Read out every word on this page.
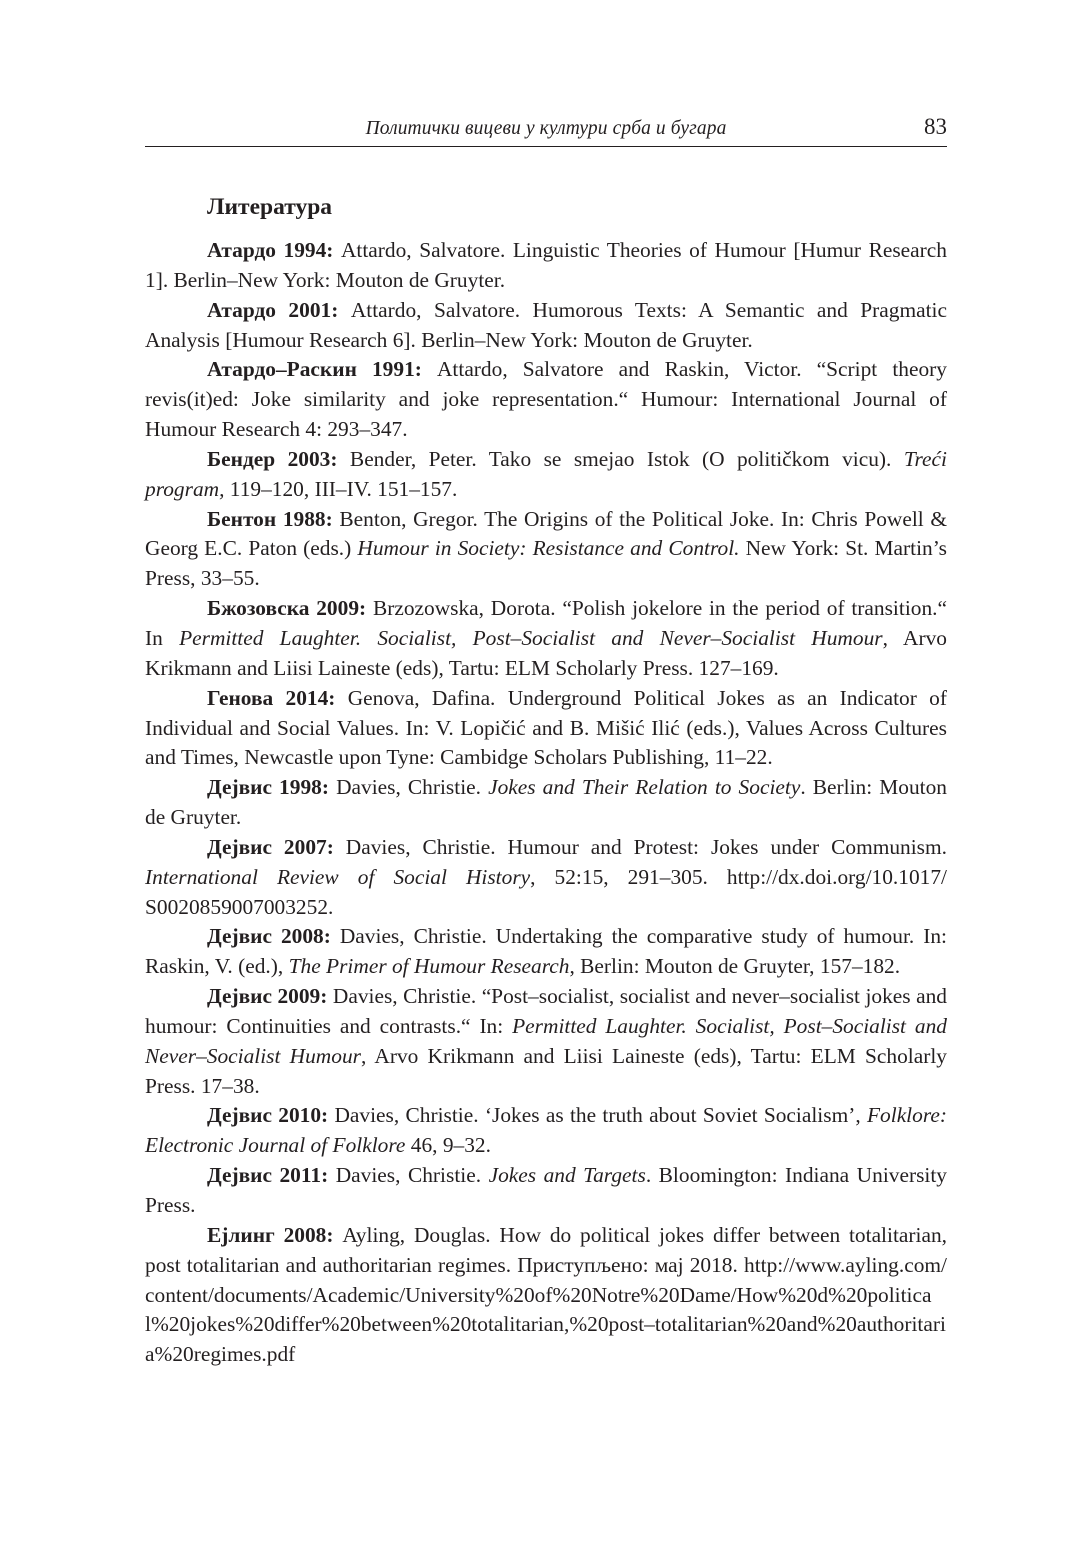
Политички вицеви у култури срба и бугара	83
Литература
Атардо 1994: Attardo, Salvatore. Linguistic Theories of Humour [Humur Research 1]. Berlin–New York: Mouton de Gruyter.
Атардо 2001: Attardo, Salvatore. Humorous Texts: A Semantic and Pragmatic Analysis [Humour Research 6]. Berlin–New York: Mouton de Gruyter.
Атардо–Раскин 1991: Attardo, Salvatore and Raskin, Victor. “Script theory revis(it)ed: Joke similarity and joke representation.“ Humour: International Journal of Humour Research 4: 293–347.
Бендер 2003: Bender, Peter. Tako se smejao Istok (O političkom vicu). Treći program, 119–120, III–IV. 151–157.
Бентон 1988: Benton, Gregor. The Origins of the Political Joke. In: Chris Powell & Georg E.C. Paton (eds.) Humour in Society: Resistance and Control. New York: St. Martin’s Press, 33–55.
Бжозовска 2009: Brzozowska, Dorota. “Polish jokelore in the period of transition.“ In Permitted Laughter. Socialist, Post–Socialist and Never–Socialist Humour, Arvo Krikmann and Liisi Laineste (eds), Tartu: ELM Scholarly Press. 127–169.
Генова 2014: Genova, Dafina. Underground Political Jokes as an Indicator of Individual and Social Values. In: V. Lopičić and B. Mišić Ilić (eds.), Values Across Cultures and Times, Newcastle upon Tyne: Cambidge Scholars Publishing, 11–22.
Дејвис 1998: Davies, Christie. Jokes and Their Relation to Society. Berlin: Mouton de Gruyter.
Дејвис 2007: Davies, Christie. Humour and Protest: Jokes under Communism. International Review of Social History, 52:15, 291–305. http://dx.doi.org/10.1017/ S0020859007003252.
Дејвис 2008: Davies, Christie. Undertaking the comparative study of humour. In: Raskin, V. (ed.), The Primer of Humour Research, Berlin: Mouton de Gruyter, 157–182.
Дејвис 2009: Davies, Christie. “Post–socialist, socialist and never–socialist jokes and humour: Continuities and contrasts.“ In: Permitted Laughter. Socialist, Post–Socialist and Never–Socialist Humour, Arvo Krikmann and Liisi Laineste (eds), Tartu: ELM Scholarly Press. 17–38.
Дејвис 2010: Davies, Christie. ‘Jokes as the truth about Soviet Socialism’, Folklore: Electronic Journal of Folklore 46, 9–32.
Дејвис 2011: Davies, Christie. Jokes and Targets. Bloomington: Indiana University Press.
Ејлинг 2008: Ayling, Douglas. How do political jokes differ between totalitarian, post totalitarian and authoritarian regimes. Приступљено: мај 2018. http://www.ayling.com/content/documents/Academic/University%20of%20Notre%20Dame/How%20d%20political%20jokes%20differ%20between%20totalitarian,%20post–totalitarian%20and%20authoritaria%20regimes.pdf
